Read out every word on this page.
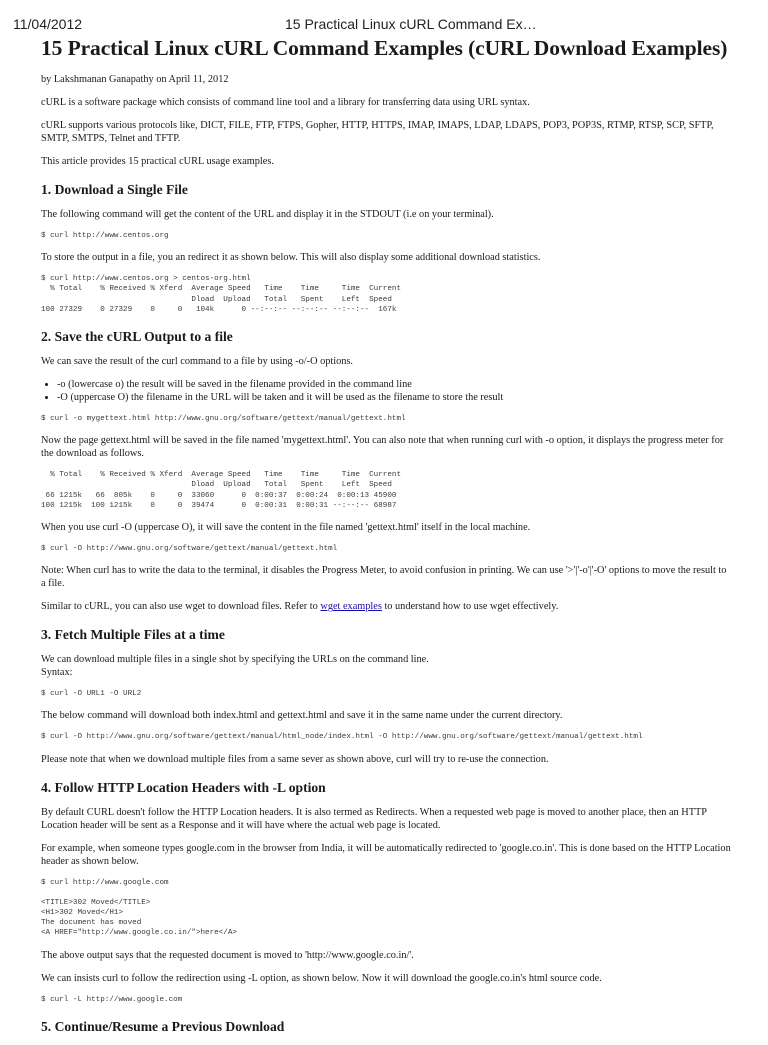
11/04/2012	15 Practical Linux cURL Command Ex…
15 Practical Linux cURL Command Examples (cURL Download Examples)

by Lakshmanan Ganapathy on April 11, 2012

cURL is a software package which consists of command line tool and a library for transferring data using URL syntax.

cURL supports various protocols like, DICT, FILE, FTP, FTPS, Gopher, HTTP, HTTPS, IMAP, IMAPS, LDAP, LDAPS, POP3, POP3S, RTMP, RTSP, SCP, SFTP, SMTP, SMTPS, Telnet and TFTP.

This article provides 15 practical cURL usage examples.

1. Download a Single File

The following command will get the content of the URL and display it in the STDOUT (i.e on your terminal).

$ curl http://www.centos.org

To store the output in a file, you an redirect it as shown below. This will also display some additional download statistics.

$ curl http://www.centos.org > centos-org.html
% Total    % Received % Xferd  Average Speed   Time    Time     Time  Current
Dload  Upload   Total   Spent    Left  Speed
100 27329    0 27329    0     0   104k      0 --:--:-- --:--:-- --:--:--  167k
2. Save the cURL Output to a file

We can save the result of the curl command to a file by using -o/-O options.

• -o (lowercase o) the result will be saved in the filename provided in the command line
• -O (uppercase O) the filename in the URL will be taken and it will be used as the filename to store the result
$ curl -o mygettext.html http://www.gnu.org/software/gettext/manual/gettext.html

Now the page gettext.html will be saved in the file named 'mygettext.html'. You can also note that when running curl with -o option, it displays the progress meter for the download as follows.

% Total    % Received % Xferd  Average Speed   Time    Time     Time  Current
Dload  Upload   Total   Spent    Left  Speed
66 1215k   66  805k    0     0  33060      0  0:00:37  0:00:24  0:00:13 45900
100 1215k  100 1215k    0     0  39474      0  0:00:31  0:00:31 --:--:-- 68987

When you use curl -O (uppercase O), it will save the content in the file named 'gettext.html' itself in the local machine.

$ curl -O http://www.gnu.org/software/gettext/manual/gettext.html

Note: When curl has to write the data to the terminal, it disables the Progress Meter, to avoid confusion in printing. We can use '>'|'-o'|'-O' options to move the result to a file.

Similar to cURL, you can also use wget to download files. Refer to wget examples to understand how to use wget effectively.

3. Fetch Multiple Files at a time

We can download multiple files in a single shot by specifying the URLs on the command line.
Syntax:

$ curl -O URL1 -O URL2

The below command will download both index.html and gettext.html and save it in the same name under the current directory.

$ curl -O http://www.gnu.org/software/gettext/manual/html_node/index.html -O http://www.gnu.org/software/gettext/manual/gettext.html

Please note that when we download multiple files from a same sever as shown above, curl will try to re-use the connection.

4. Follow HTTP Location Headers with -L option

By default CURL doesn't follow the HTTP Location headers. It is also termed as Redirects. When a requested web page is moved to another place, then an HTTP Location header will be sent as a Response and it will have where the actual web page is located.

For example, when someone types google.com in the browser from India, it will be automatically redirected to 'google.co.in'. This is done based on the HTTP Location header as shown below.

$ curl http://www.google.com
<TITLE>302 Moved</TITLE>
<H1>302 Moved</H1>
The document has moved
<A HREF="http://www.google.co.in/">here</A>

The above output says that the requested document is moved to 'http://www.google.co.in/'.

We can insists curl to follow the redirection using -L option, as shown below. Now it will download the google.co.in's html source code.

$ curl -L http://www.google.com
5. Continue/Resume a Previous Download
